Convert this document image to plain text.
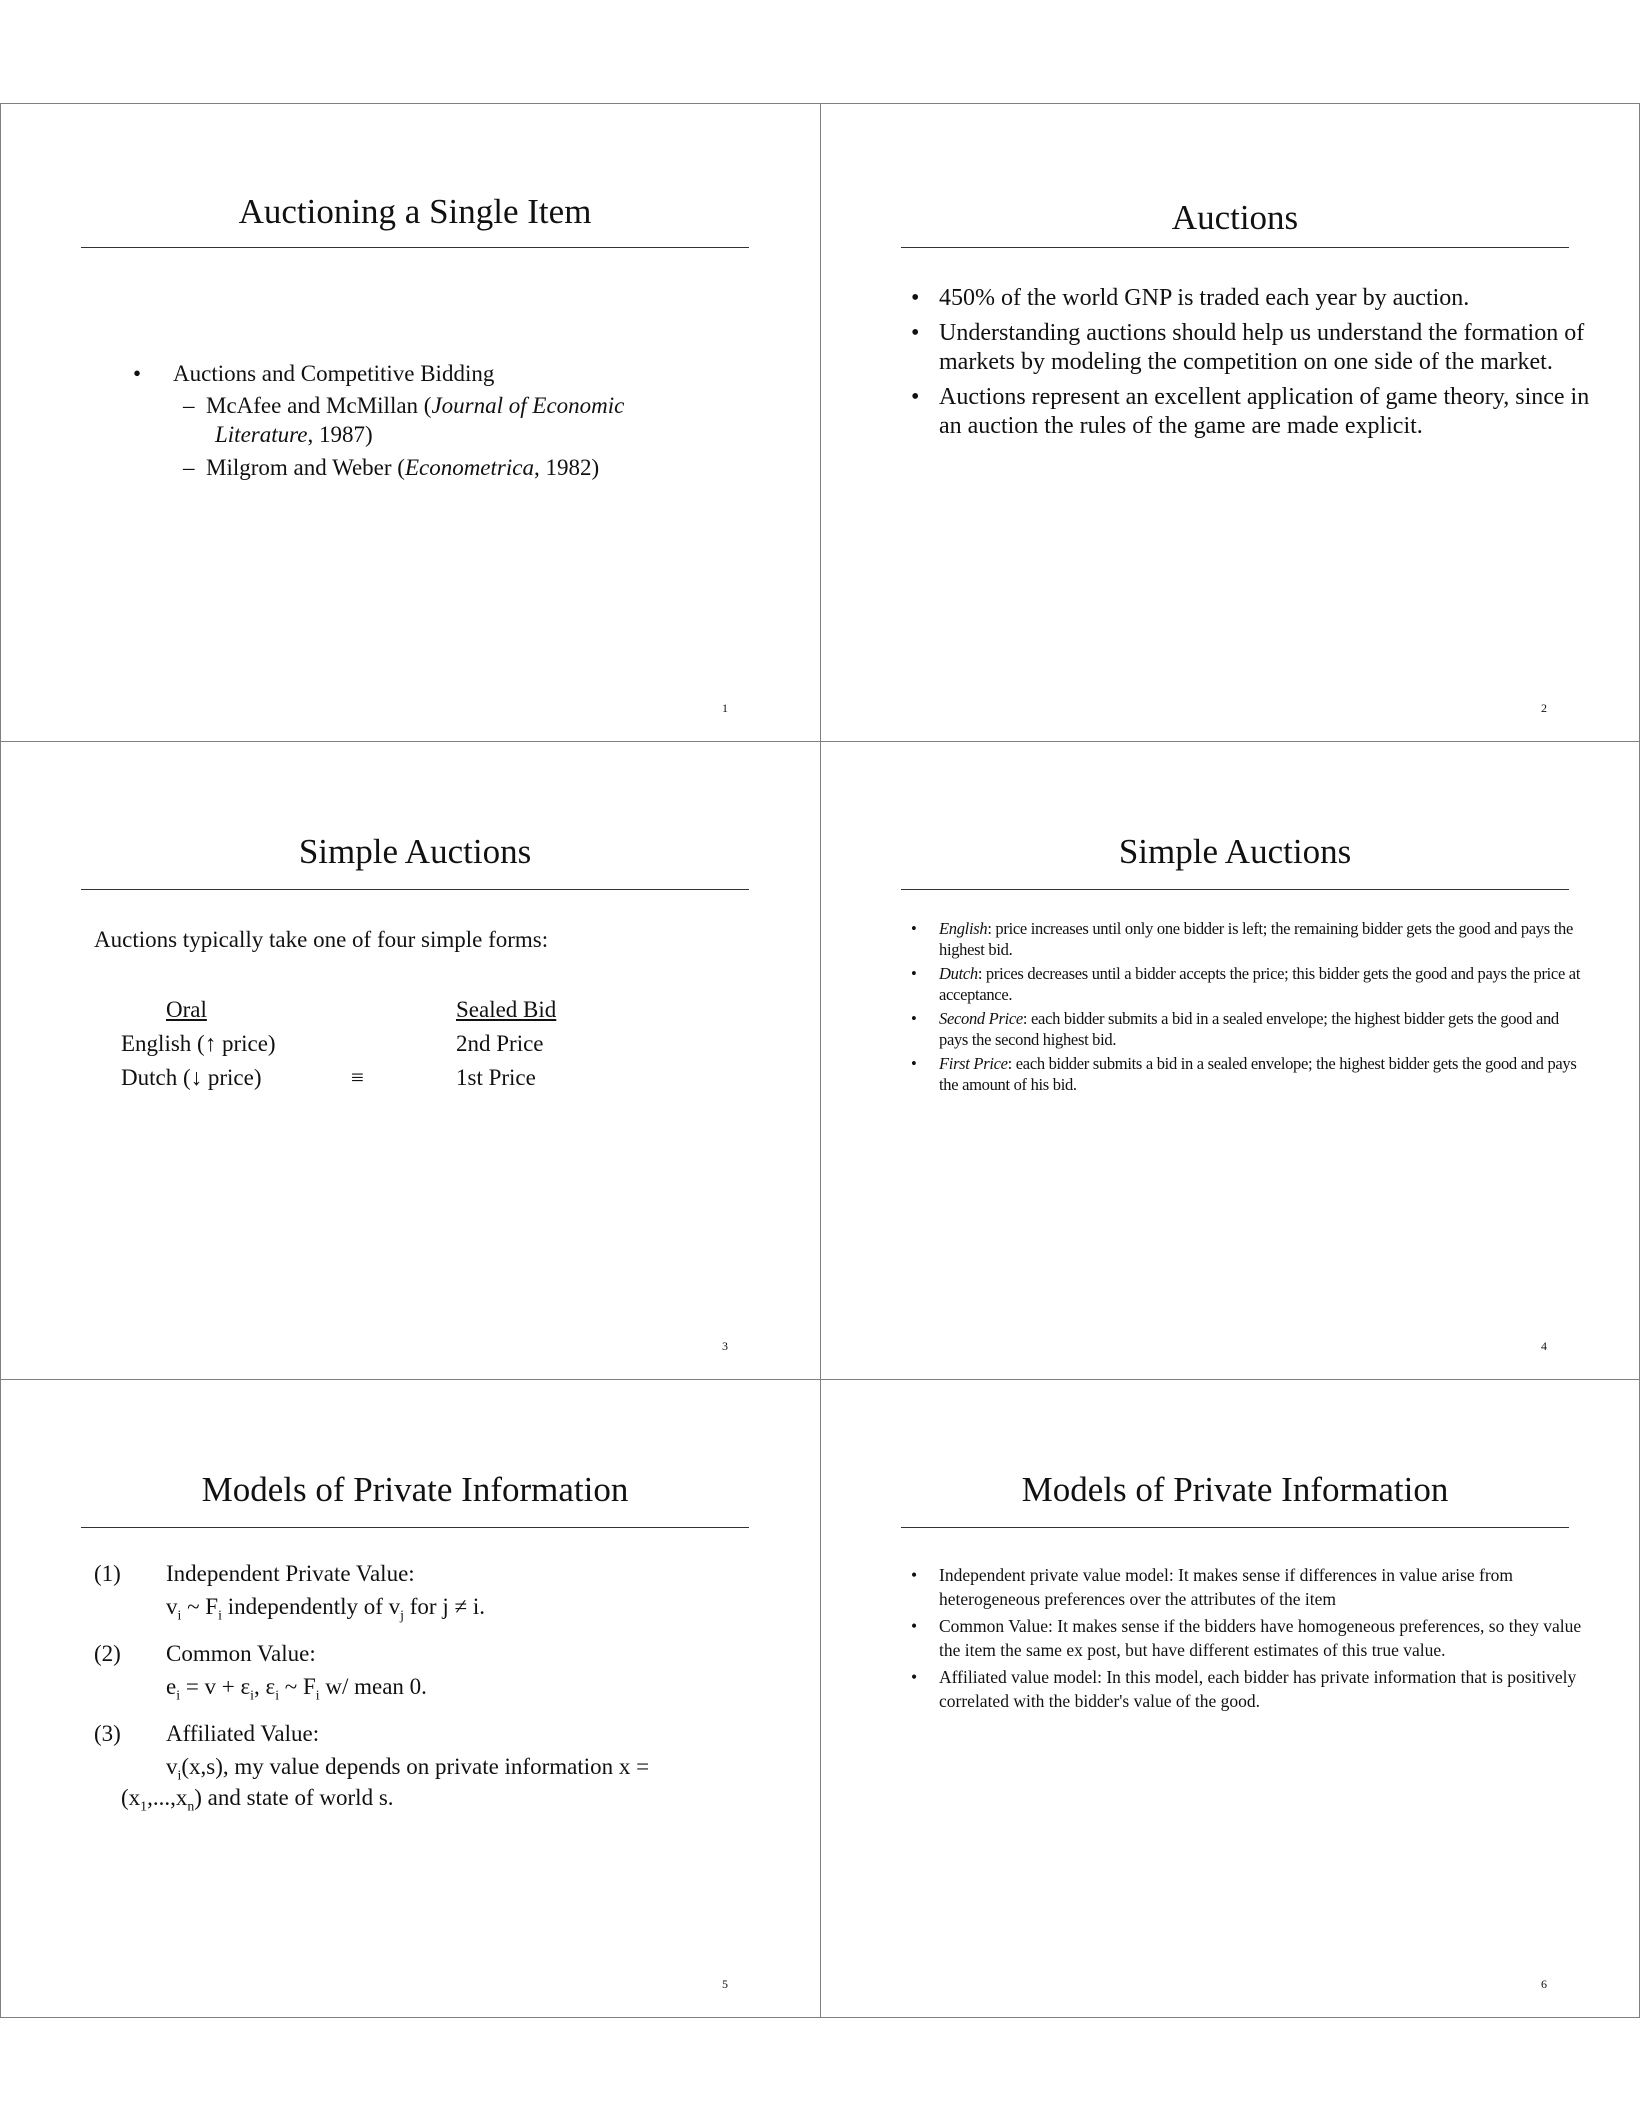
Auctioning a Single Item
• Auctions and Competitive Bidding
– McAfee and McMillan (Journal of Economic Literature, 1987)
– Milgrom and Weber (Econometrica, 1982)
1
Auctions
• 450% of the world GNP is traded each year by auction.
• Understanding auctions should help us understand the formation of markets by modeling the competition on one side of the market.
• Auctions represent an excellent application of game theory, since in an auction the rules of the game are made explicit.
2
Simple Auctions
Auctions typically take one of four simple forms:
Oral	Sealed Bid
English (↑ price)	2nd Price
Dutch (↓ price)	≡	1st Price
3
Simple Auctions
• English: price increases until only one bidder is left; the remaining bidder gets the good and pays the highest bid.
• Dutch: prices decreases until a bidder accepts the price; this bidder gets the good and pays the price at acceptance.
• Second Price: each bidder submits a bid in a sealed envelope; the highest bidder gets the good and pays the second highest bid.
• First Price: each bidder submits a bid in a sealed envelope; the highest bidder gets the good and pays the amount of his bid.
4
Models of Private Information
(1) Independent Private Value:
$v_i$ ~ $F_i$ independently of $v_j$ for j ≠ i.
(2) Common Value:
$e_i = v + \varepsilon_i$, $\varepsilon_i$ ~ $F_i$ w/ mean 0.
(3) Affiliated Value:
$v_i(x,s)$, my value depends on private information x =
$(x_1,...,x_n)$ and state of world s.
5
Models of Private Information
• Independent private value model: It makes sense if differences in value arise from heterogeneous preferences over the attributes of the item
• Common Value: It makes sense if the bidders have homogeneous preferences, so they value the item the same ex post, but have different estimates of this true value.
• Affiliated value model: In this model, each bidder has private information that is positively correlated with the bidder's value of the good.
6
